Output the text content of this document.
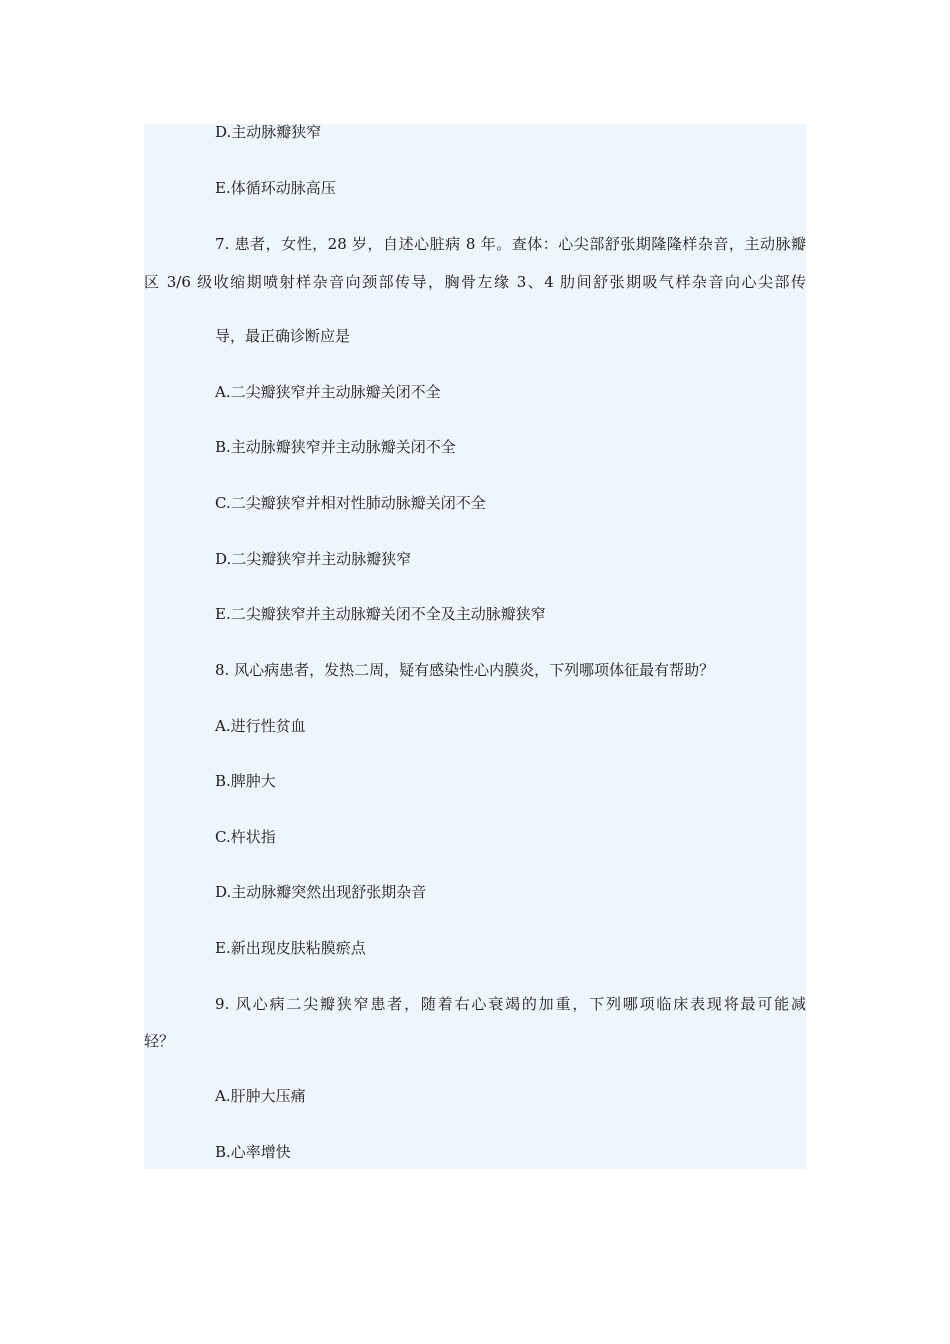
D.主动脉瓣狭窄
E.体循环动脉高压
7. 患者，女性，28 岁，自述心脏病 8 年。查体：心尖部舒张期隆隆样杂音，主动脉瓣
区 3/6 级收缩期喷射样杂音向颈部传导，胸骨左缘 3、4 肋间舒张期吸气样杂音向心尖部传
导，最正确诊断应是
A.二尖瓣狭窄并主动脉瓣关闭不全
B.主动脉瓣狭窄并主动脉瓣关闭不全
C.二尖瓣狭窄并相对性肺动脉瓣关闭不全
D.二尖瓣狭窄并主动脉瓣狭窄
E.二尖瓣狭窄并主动脉瓣关闭不全及主动脉瓣狭窄
8. 风心病患者，发热二周，疑有感染性心内膜炎，下列哪项体征最有帮助？
A.进行性贫血
B.脾肿大
C.杵状指
D.主动脉瓣突然出现舒张期杂音
E.新出现皮肤粘膜瘀点
9. 风心病二尖瓣狭窄患者，随着右心衰竭的加重，下列哪项临床表现将最可能减
轻？
A.肝肿大压痛
B.心率增快
